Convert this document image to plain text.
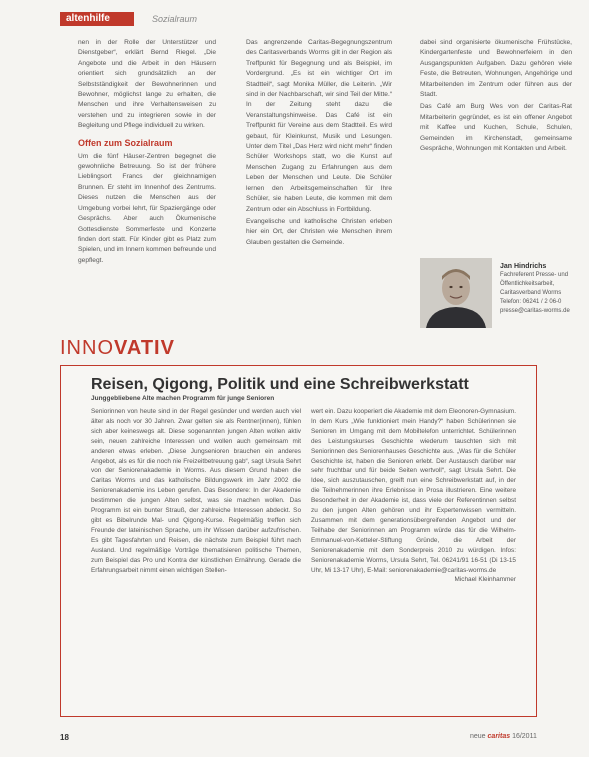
altenhilfe	Sozialraum

nen in der Rolle der Unterstützer und Dienstgeber“, erklärt Bernd Riegel. „Die Angebote und die Arbeit in den Häusern orientiert sich grundsätzlich an der Selbstständigkeit der Bewohnerinnen und Bewohner, möglichst lange zu erhalten, die Menschen und ihre Verhaltensweisen zu verstehen und zu integrieren sowie in der Begleitung und Pflege individuell zu wirken.

Offen zum Sozialraum

Um die fünf Häuser-Zentren begegnet die gewohnliche Betreuung. So ist der frühere Lieblingsort Francs der gleichnamigen Brunnen. Er steht im Innenhof des Zentrums. Dieses nutzen die Menschen aus der Umgebung vorbei lehrt, für Spaziergänge oder Gesprächs. Aber auch Ökumenische Gottesdienste Sommerfeste und Konzerte finden dort statt. Für Kinder gibt es Platz zum Spielen, und im Innern kommen befreunde und gepflegt.

Das angrenzende Caritas-Begegnungszentrum des Caritasverbands Worms gilt in der Region als Treffpunkt für Begegnung und als Beispiel, im Vordergrund. „Es ist ein wichtiger Ort im Stadtteil“, sagt Monika Müller, die Leiterin. „Wir sind in der Nachbarschaft, wir sind Teil der Mitte.“ In der Zeitung steht dazu die Veranstaltungshinweise. Das Café ist ein Treffpunkt für Vereine aus dem Stadtteil. Es wird gebaut, für Kleinkunst, Musik und Lesungen. Unter dem Titel „Das Herz wird nicht mehr“ finden Schüler Workshops statt, wo die Kunst auf Menschen Zugang zu Erfahrungen aus dem Leben der Menschen und Leute. Die Schüler lernen den Arbeitsgemeinschaften für Ihre Schüler, sie haben Leute, die kommen mit dem Zentrum oder ein Abschluss in Fortbildung.

Evangelische und katholische Christen erleben hier ein Ort, der Christen wie Menschen ihrem Glauben gestalten die Gemeinde.

dabei sind organisierte ökumenische Frühstücke, Kindergartenfeste und Bewohnerfeiern in den Ausgangspunkten Aufgaben. Dazu gehören viele Feste, die Betreuten, Wohnungen, Angehörige und Mitarbeitenden im Zentrum oder führen aus der Stadt.

Das Café am Burg Wes von der Caritas-Rat Mitarbeiterin gegründet, es ist ein offener Angebot mit Kaffee und Kuchen, Schule, Schulen, Gemeinden im Kirchenstadt, gemeinsame Gespräche, Wohnungen mit Kontakten und Arbeit.

Jan Hindrichs
Fachreferent Presse- und Öffentlichkeitsarbeit, Caritasverband Worms
Telefon: 06241 / 2 06-0 presse@caritas-worms.de
INNOVATIV
Reisen, Qigong, Politik und eine Schreibwerkstatt
Junggebliebene Alte machen Programm für junge Senioren

Seniorinnen von heute sind in der Regel gesünder und werden auch viel älter als noch vor 30 Jahren. Zwar gelten sie als Rentner(innen), fühlen sich aber keineswegs alt. Diese sogenannten jungen Alten wollen aktiv sein, neuen zahlreiche Interessen und wollen auch gemeinsam mit anderen etwas erleben. „Diese Jungsenioren brauchen ein anderes Angebot, als es für die noch nie Freizeitbetreuung gab“, sagt Ursula Sehrt von der Seniorenakademie in Worms. Aus diesem Grund haben die Caritas Worms und das katholische Bildungswerk im Jahr 2002 die Seniorenakademie ins Leben gerufen. Das Besondere: In der Akademie bestimmen die jungen Alten selbst, was sie machen wollen. Das Programm ist ein bunter Strauß, der zahlreiche Interessen abdeckt. So gibt es Bibelrunde Mal- und Qigong-Kurse. Regelmäßig treffen sich Freunde der lateinischen Sprache, um ihr Wissen darüber aufzufrischen. Es gibt Tagesfahrten und Reisen, die nächste zum Beispiel führt nach Ausland. Und regelmäßige Vorträge thematisieren politische Themen, zum Beispiel das Pro und Kontra der künstlichen Ernährung. Gerade die Erfahrungsarbeit nimmt einen wichtigen Stellen-

wert ein. Dazu kooperiert die Akademie mit dem Eleonoren-Gymnasium. In dem Kurs „Wie funktioniert mein Handy?“ haben Schülerinnen sie Senioren im Umgang mit dem Mobiltelefon unterrichtet. Schülerinnen des Leistungskurses Geschichte wiederum tauschten sich mit Seniorinnen des Seniorenhauses Geschichte aus. „Was für die Schüler Geschichte ist, haben die Senioren erlebt. Der Austausch darüber war sehr fruchtbar und für beide Seiten wertvoll“, sagt Ursula Sehrt. Die Idee, sich auszutauschen, greift nun eine Schreibwerkstatt auf, in der die Teilnehmerinnen ihre Erlebnisse in Prosa illustrieren. Eine weitere Besonderheit in der Akademie ist, dass viele der Referentinnen selbst zu den jungen Alten gehören und ihr Expertenwissen vermitteln. Zusammen mit dem generationsübergreifenden Angebot und der Teilhabe der Seniorinnen am Programm würde das für die Wilhelm-Emmanuel-von-Ketteler-Stiftung Gründe, die Arbeit der Seniorenakademie mit dem Sonderpreis 2010 zu würdigen. Infos: Seniorenakademie Worms, Ursula Sehrt, Tel. 06241/91 16-51 (Di 13-15 Uhr, Mi 13-17 Uhr), E-Mail: seniorenakademie@caritas-worms.de

Michael Kleinhammer

18	neue caritas 16/2011
